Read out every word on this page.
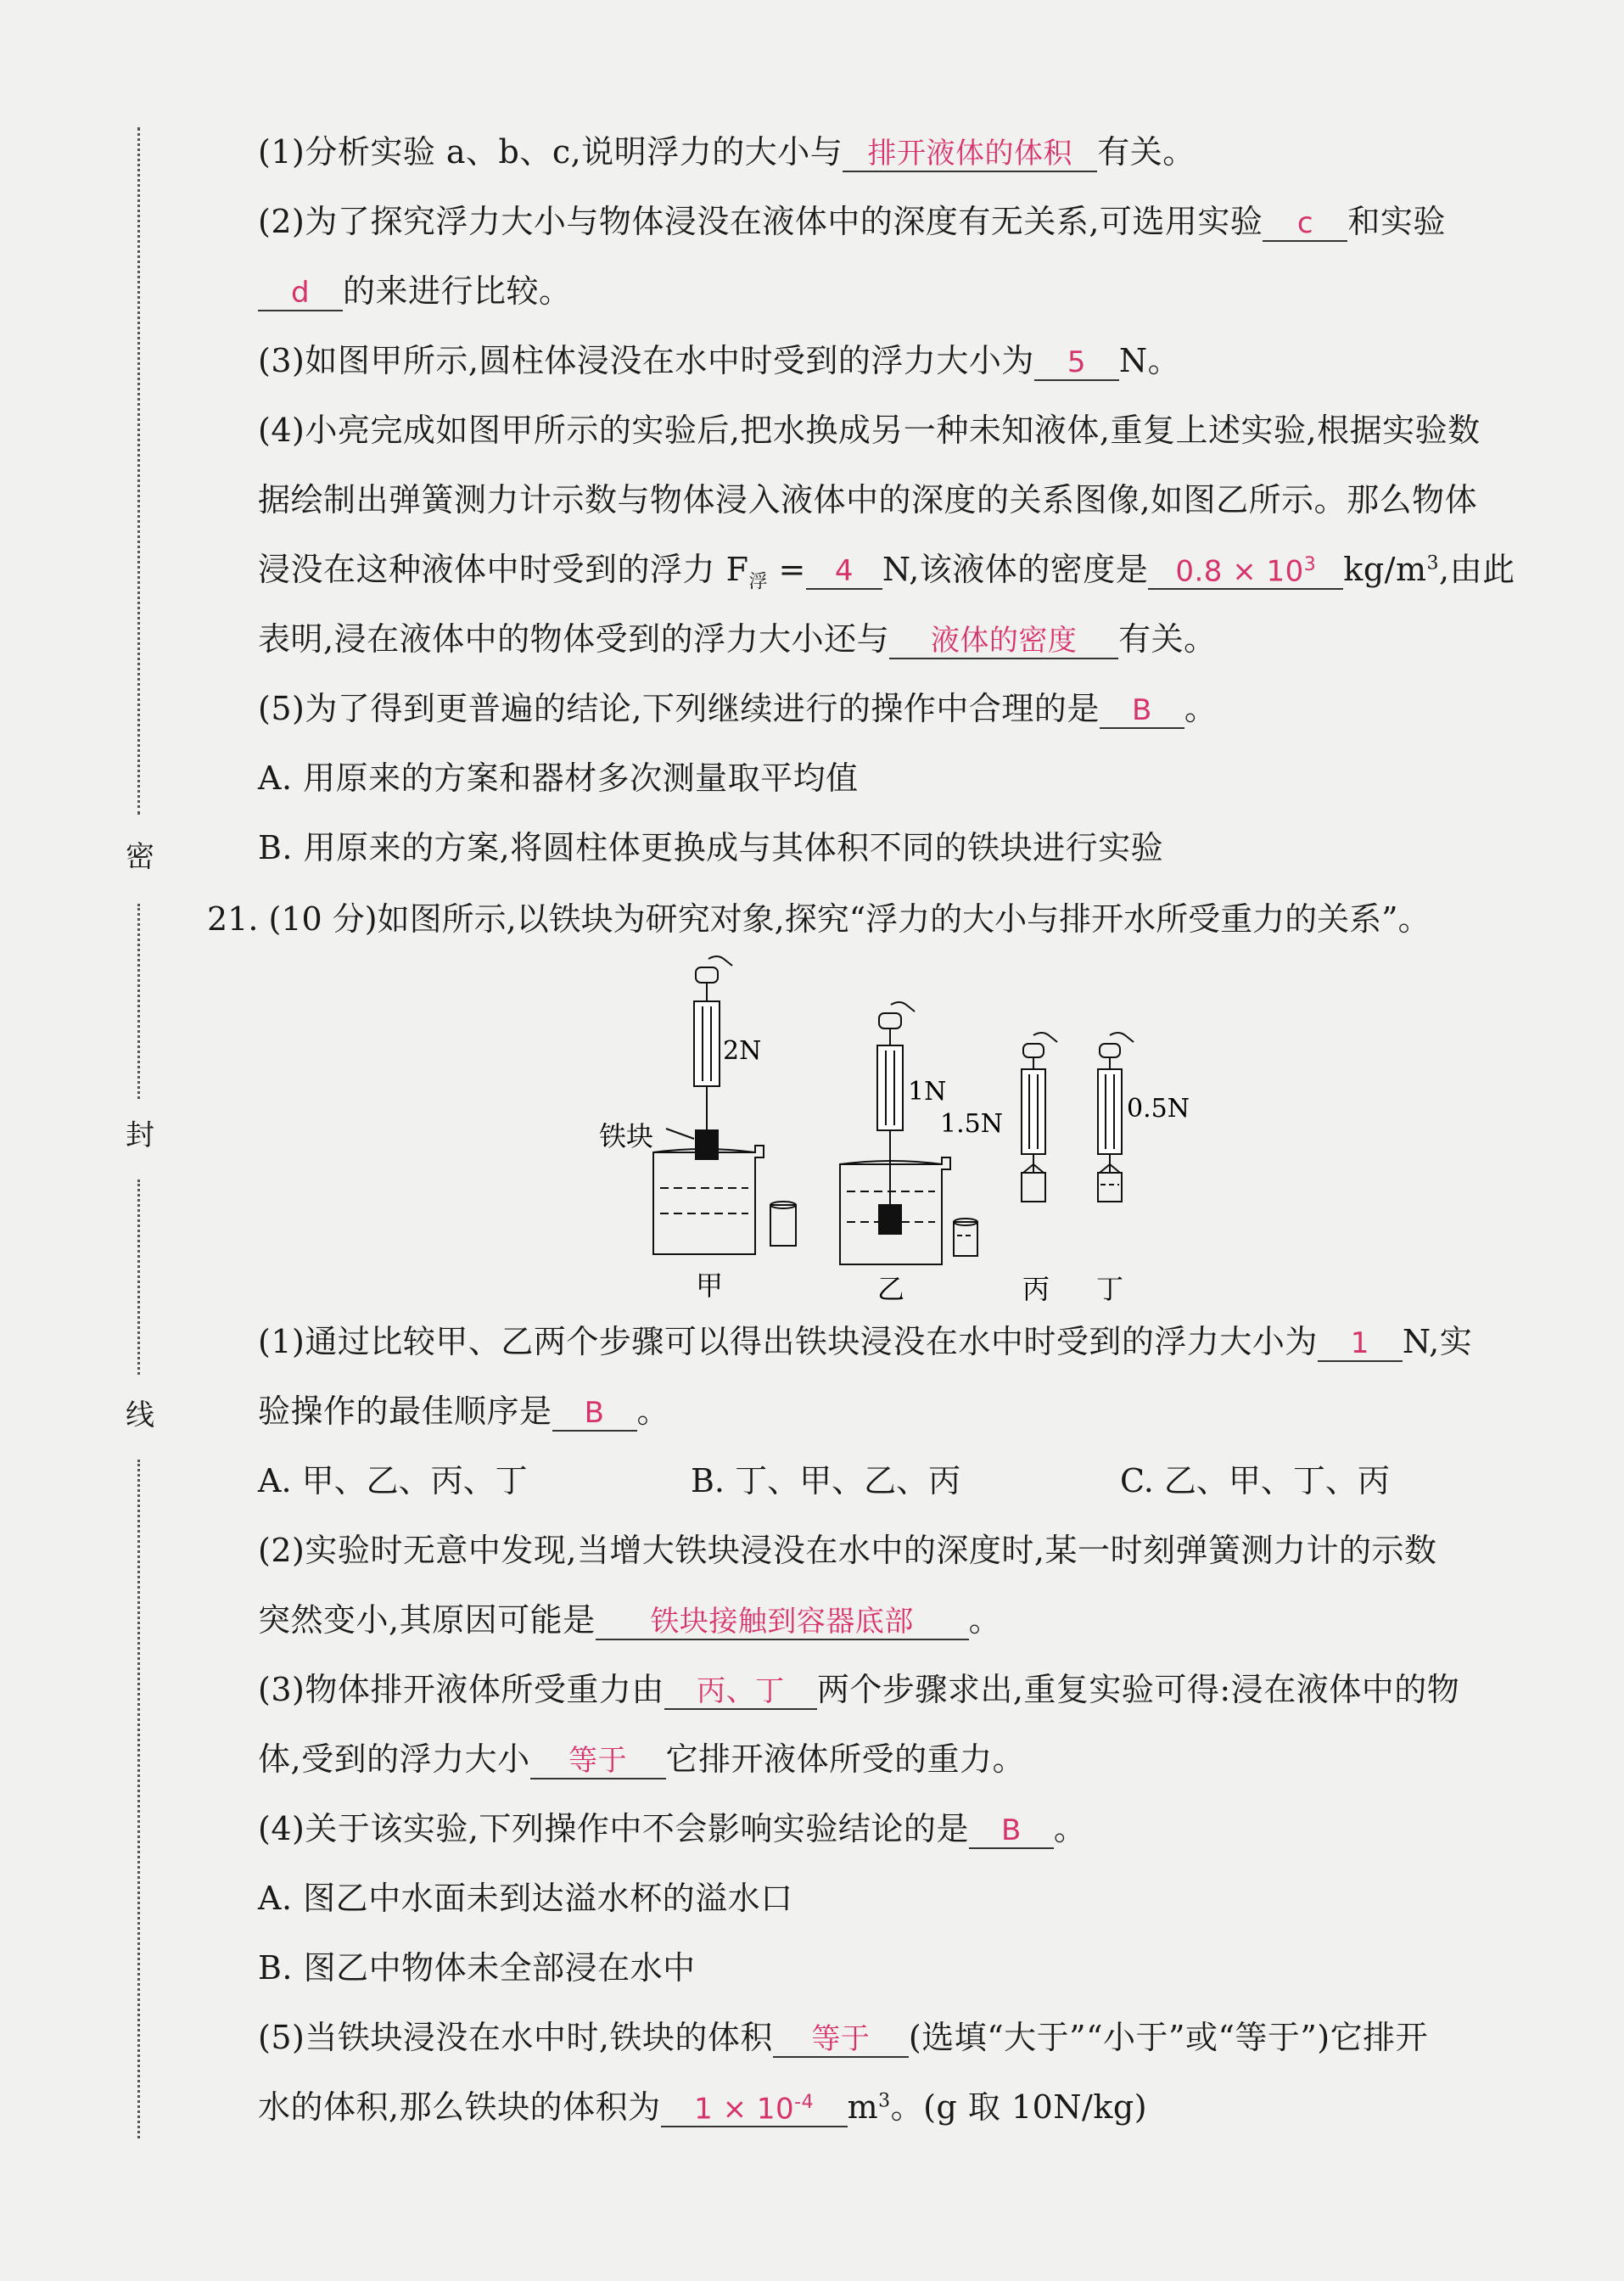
密
封
线
(1)分析实验 a、b、c,说明浮力的大小与 排开液体的体积 有关。
(2)为了探究浮力大小与物体浸没在液体中的深度有无关系,可选用实验 c 和实验
d 的来进行比较。
(3)如图甲所示,圆柱体浸没在水中时受到的浮力大小为 5 N。
(4)小亮完成如图甲所示的实验后,把水换成另一种未知液体,重复上述实验,根据实验数
据绘制出弹簧测力计示数与物体浸入液体中的深度的关系图像,如图乙所示。那么物体
浸没在这种液体中时受到的浮力 $F_浮 = 4$ N,该液体的密度是 $0.8 \times 10^3$ $kg/m^3$,由此
表明,浸在液体中的物体受到的浮力大小还与 液体的密度 有关。
(5)为了得到更普遍的结论,下列继续进行的操作中合理的是 B 。
A. 用原来的方案和器材多次测量取平均值
B. 用原来的方案,将圆柱体更换成与其体积不同的铁块进行实验
21. (10 分)如图所示,以铁块为研究对象,探究“浮力的大小与排开水所受重力的关系”。
2N
铁块
甲
1N
乙
1.5N
丙
0.5N
丁
(1)通过比较甲、乙两个步骤可以得出铁块浸没在水中时受到的浮力大小为 1 N,实
验操作的最佳顺序是 B 。
A. 甲、乙、丙、丁	B. 丁、甲、乙、丙	C. 乙、甲、丁、丙
(2)实验时无意中发现,当增大铁块浸没在水中的深度时,某一时刻弹簧测力计的示数
突然变小,其原因可能是 铁块接触到容器底部 。
(3)物体排开液体所受重力由 丙、丁 两个步骤求出,重复实验可得:浸在液体中的物
体,受到的浮力大小 等于 它排开液体所受的重力。
(4)关于该实验,下列操作中不会影响实验结论的是 B 。
A. 图乙中水面未到达溢水杯的溢水口
B. 图乙中物体未全部浸在水中
(5)当铁块浸没在水中时,铁块的体积 等于 (选填“大于”“小于”或“等于”)它排开
水的体积,那么铁块的体积为 $1 \times 10^{-4}$ $m^3$。(g 取 10N/kg)
